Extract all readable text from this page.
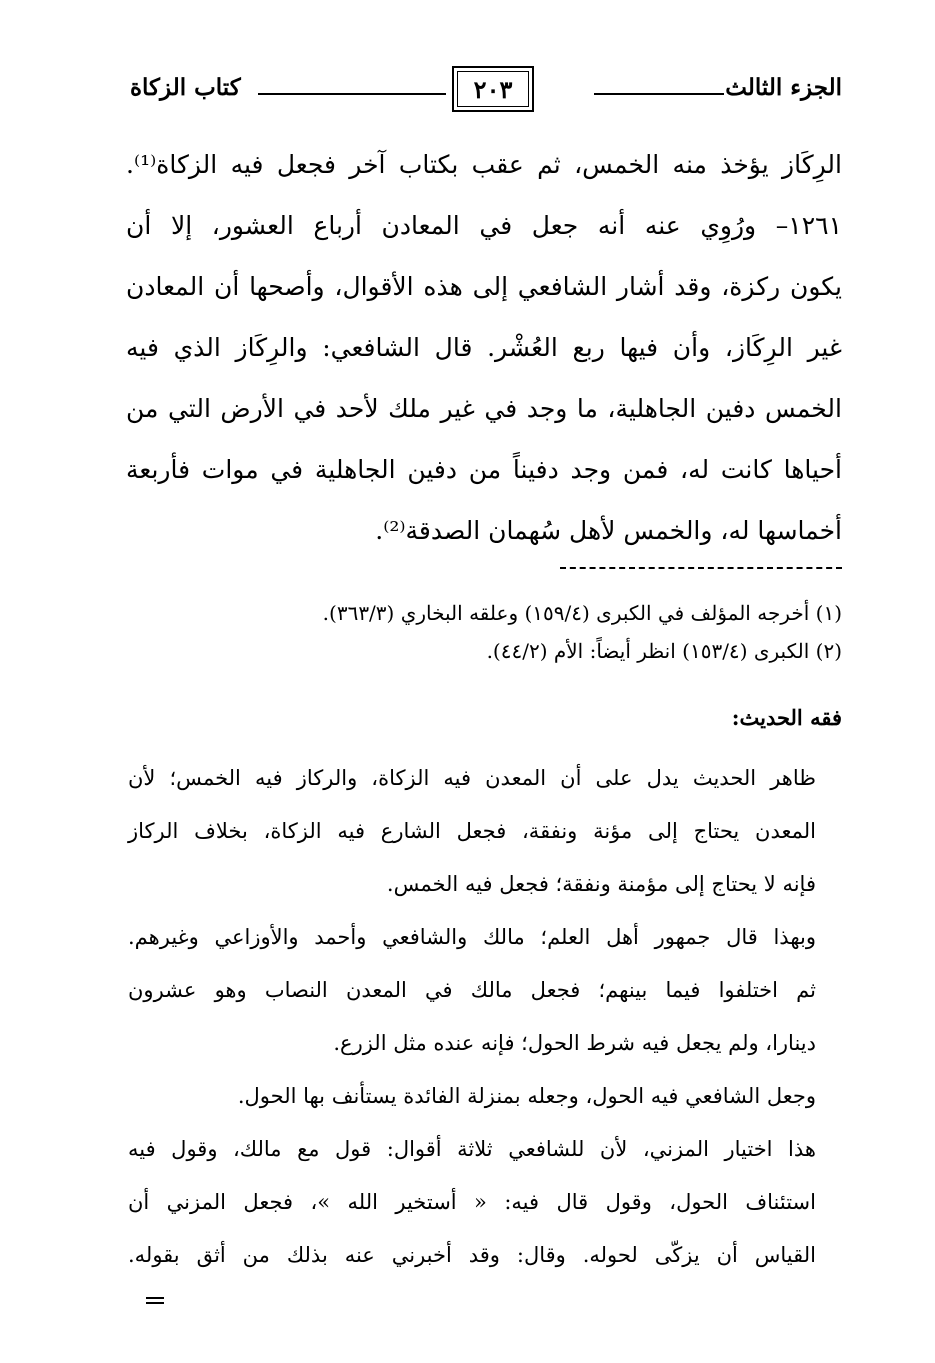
الجزء الثالث
٢٠٣
كتاب الزكاة
الرِكَاز يؤخذ منه الخمس، ثم عقب بكتاب آخر فجعل فيه الزكاة⁽¹⁾.
١٢٦١– ورُوِي عنه أنه جعل في المعادن أرباع العشور، إلا أن
يكون ركزة، وقد أشار الشافعي إلى هذه الأقوال، وأصحها أن المعادن
غير الرِكَاز، وأن فيها ربع العُشْر. قال الشافعي: والرِكَاز الذي فيه
الخمس دفين الجاهلية، ما وجد في غير ملك لأحد في الأرض التي من
أحياها كانت له، فمن وجد دفيناً من دفين الجاهلية في موات فأربعة
أخماسها له، والخمس لأهل سُهمان الصدقة⁽²⁾.
(١) أخرجه المؤلف في الكبرى (١٥٩/٤) وعلقه البخاري (٣٦٣/٣).
(٢) الكبرى (١٥٣/٤) انظر أيضاً: الأم (٤٤/٢).
فقه الحديث:
ظاهر الحديث يدل على أن المعدن فيه الزكاة، والركاز فيه الخمس؛ لأن
المعدن يحتاج إلى مؤنة ونفقة، فجعل الشارع فيه الزكاة، بخلاف الركاز
فإنه لا يحتاج إلى مؤمنة ونفقة؛ فجعل فيه الخمس.
وبهذا قال جمهور أهل العلم؛ مالك والشافعي وأحمد والأوزاعي وغيرهم.
ثم اختلفوا فيما بينهم؛ فجعل مالك في المعدن النصاب وهو عشرون
دينارا، ولم يجعل فيه شرط الحول؛ فإنه عنده مثل الزرع.
وجعل الشافعي فيه الحول، وجعله بمنزلة الفائدة يستأنف بها الحول.
هذا اختيار المزني، لأن للشافعي ثلاثة أقوال: قول مع مالك، وقول فيه
استئناف الحول، وقول قال فيه: « أستخير الله »، فجعل المزني أن
القياس أن يزكّى لحوله. وقال: وقد أخبرني عنه بذلك من أثق بقوله.
